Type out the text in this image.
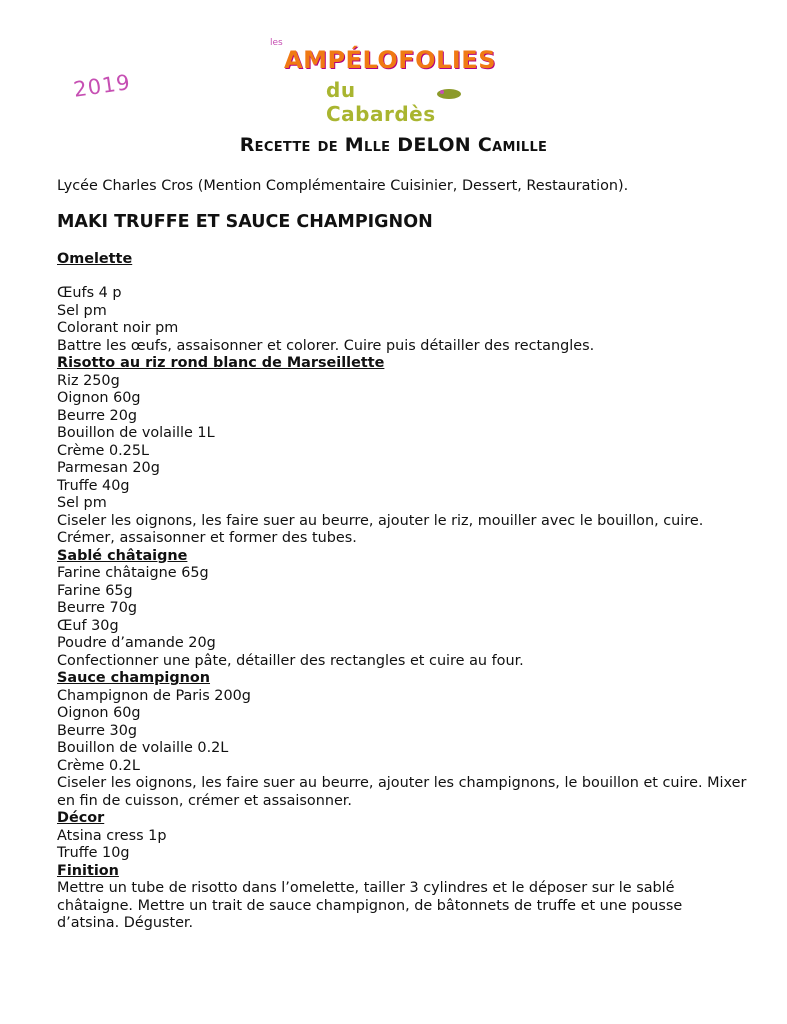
les
AMPÉLOFOLIES
du Cabardès
2019
Recette de Mlle DELON Camille

Lycée Charles Cros (Mention Complémentaire Cuisinier, Dessert, Restauration).

MAKI TRUFFE ET SAUCE CHAMPIGNON

Omelette

Œufs 4 p

Sel pm

Colorant noir pm

Battre les œufs, assaisonner et colorer. Cuire puis détailler des rectangles.

Risotto au riz rond blanc de Marseillette

Riz 250g

Oignon 60g

Beurre 20g

Bouillon de volaille 1L

Crème 0.25L

Parmesan 20g

Truffe 40g

Sel pm

Ciseler les oignons, les faire suer au beurre, ajouter le riz, mouiller avec le bouillon, cuire.

Crémer, assaisonner et former des tubes.

Sablé châtaigne

Farine châtaigne 65g

Farine 65g

Beurre 70g

Œuf 30g

Poudre d’amande 20g

Confectionner une pâte, détailler des rectangles et cuire au four.

Sauce champignon

Champignon de Paris 200g

Oignon 60g

Beurre 30g

Bouillon de volaille 0.2L

Crème 0.2L

Ciseler les oignons, les faire suer au beurre, ajouter les champignons, le bouillon et cuire. Mixer en fin de cuisson, crémer et assaisonner.

Décor

Atsina cress 1p

Truffe 10g

Finition

Mettre un tube de risotto dans l’omelette, tailler 3 cylindres et le déposer sur le sablé châtaigne. Mettre un trait de sauce champignon, de bâtonnets de truffe et une pousse d’atsina. Déguster.
